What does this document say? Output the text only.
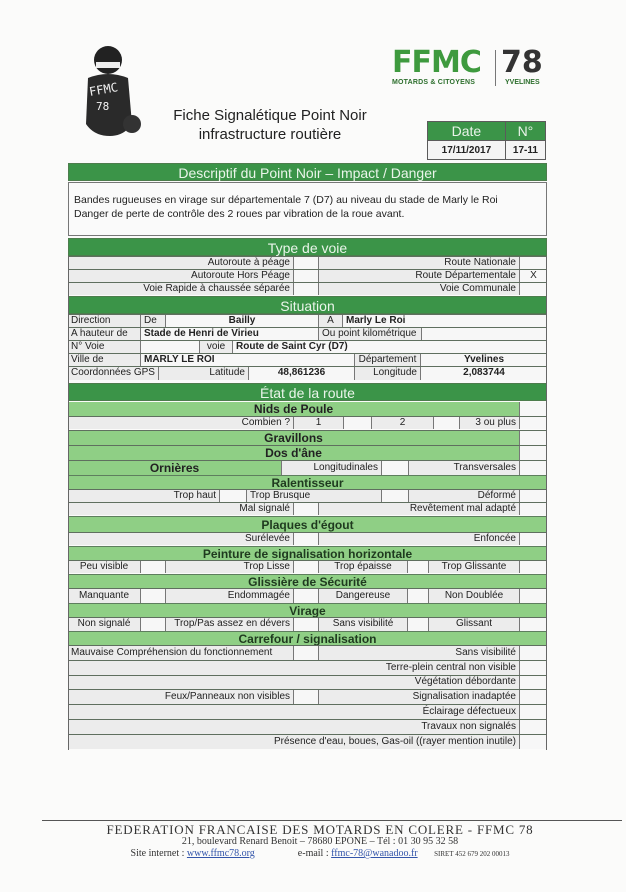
FFMC
78
Fiche Signalétique Point Noir
infrastructure routière
FFMC 78
MOTARDS & CITOYENS	YVELINES
Date	N°
17/11/2017	17-11
Descriptif du Point Noir – Impact / Danger
Bandes rugueuses en virage sur départementale 7 (D7) au niveau du stade de Marly le Roi
Danger de perte de contrôle des 2 roues par vibration de la roue avant.
Type de voie
Autoroute à péage	Route Nationale
Autoroute Hors Péage	Route Départementale	X
Voie Rapide à chaussée séparée	Voie Communale
Situation
Direction	De	Bailly	A	Marly Le Roi
A hauteur de	Stade de Henri de Virieu	Ou point kilométrique
N° Voie	voie	Route de Saint Cyr (D7)
Ville de	MARLY LE ROI	Département	Yvelines
Coordonnées GPS	Latitude	48,861236	Longitude	2,083744
État de la route
Nids de Poule
Combien ?	1	2	3 ou plus
Gravillons
Dos d'âne
Ornières	Longitudinales	Transversales
Ralentisseur
Trop haut	Trop Brusque	Déformé
Mal signalé	Revêtement mal adapté
Plaques d'égout
Surélevée	Enfoncée
Peinture de signalisation horizontale
Peu visible	Trop Lisse	Trop épaisse	Trop Glissante
Glissière de Sécurité
Manquante	Endommagée	Dangereuse	Non Doublée
Virage
Non signalé	Trop/Pas assez en dévers	Sans visibilité	Glissant
Carrefour / signalisation
Mauvaise Compréhension du fonctionnement	Sans visibilité
Terre-plein central non visible
Végétation débordante
Feux/Panneaux non visibles	Signalisation inadaptée
Éclairage défectueux
Travaux non signalés
Présence d'eau, boues, Gas-oil ((rayer mention inutile)
FEDERATION FRANCAISE DES MOTARDS EN COLERE - FFMC 78
21, boulevard Renard Benoit – 78680 EPONE – Tél : 01 30 95 32 58
Site internet : www.ffmc78.org	e-mail : ffmc-78@wanadoo.fr SIRET 452 679 202 00013
